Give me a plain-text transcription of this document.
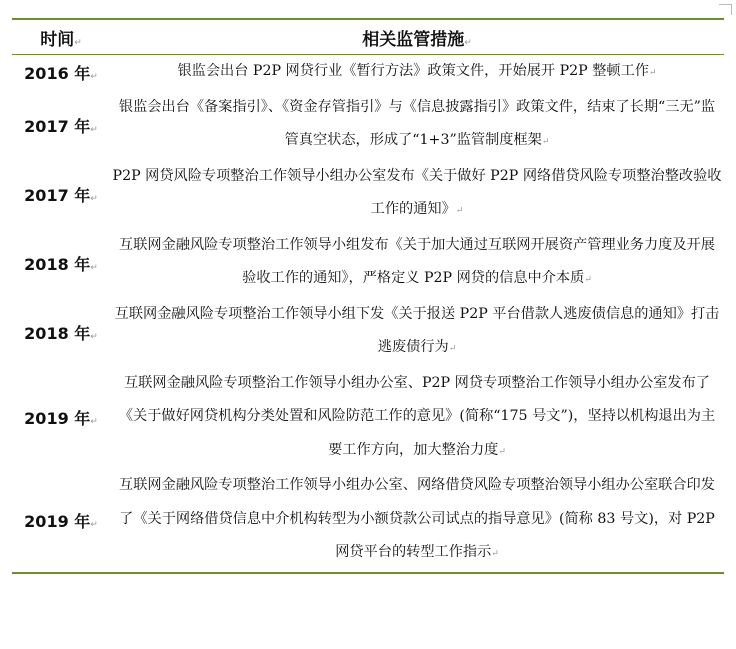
时间↵	相关监管措施↵
2016 年↵	银监会出台 P2P 网贷行业《暂行方法》政策文件，开始展开 P2P 整顿工作↵
2017 年↵	银监会出台《备案指引》、《资金存管指引》与《信息披露指引》政策文件，结束了长期“三无”监管真空状态，形成了“1+3”监管制度框架↵
2017 年↵	P2P 网贷风险专项整治工作领导小组办公室发布《关于做好 P2P 网络借贷风险专项整治整改验收工作的通知》↵
2018 年↵	互联网金融风险专项整治工作领导小组发布《关于加大通过互联网开展资产管理业务力度及开展验收工作的通知》，严格定义 P2P 网贷的信息中介本质↵
2018 年↵	互联网金融风险专项整治工作领导小组下发《关于报送 P2P 平台借款人逃废债信息的通知》打击逃废债行为↵
2019 年↵	互联网金融风险专项整治工作领导小组办公室、P2P 网贷专项整治工作领导小组办公室发布了《关于做好网贷机构分类处置和风险防范工作的意见》(简称“175 号文”)，坚持以机构退出为主要工作方向，加大整治力度↵
2019 年↵	互联网金融风险专项整治工作领导小组办公室、网络借贷风险专项整治领导小组办公室联合印发了《关于网络借贷信息中介机构转型为小额贷款公司试点的指导意见》(简称 83 号文)，对 P2P 网贷平台的转型工作指示↵
